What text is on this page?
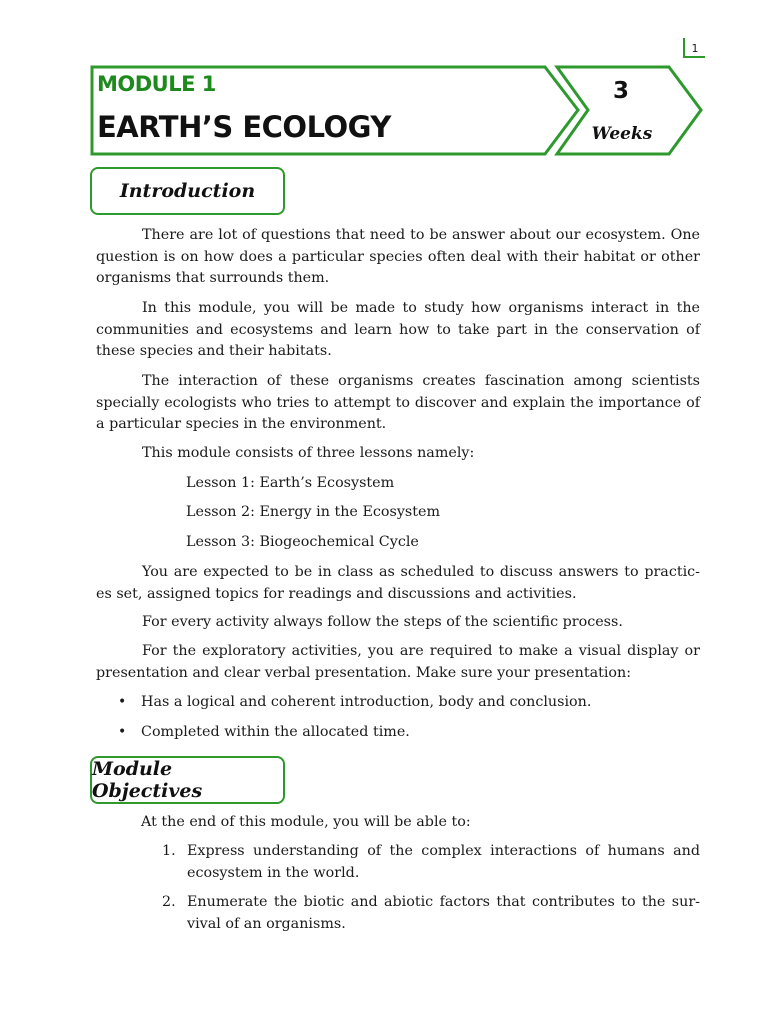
1
MODULE 1
EARTH’S ECOLOGY
3
Weeks
Introduction

There are lot of questions that need to be answer about our ecosystem. One question is on how does a particular species often deal with their habitat or other organisms that surrounds them.

In this module, you will be made to study how organisms interact in the communities and ecosystems and learn how to take part in the conservation of these species and their habitats.

The interaction of these organisms creates fascination among scientists specially ecologists who tries to attempt to discover and explain the importance of a particular species in the environment.

This module consists of three lessons namely:

Lesson 1: Earth’s Ecosystem

Lesson 2: Energy in the Ecosystem

Lesson 3: Biogeochemical Cycle

You are expected to be in class as scheduled to discuss answers to practic-es set, assigned topics for readings and discussions and activities.

For every activity always follow the steps of the scientific process.

For the exploratory activities, you are required to make a visual display or presentation and clear verbal presentation. Make sure your presentation:

• Has a logical and coherent introduction, body and conclusion.

• Completed within the allocated time.

Module Objectives

At the end of this module, you will be able to:

1. Express understanding of the complex interactions of humans and ecosystem in the world.

2. Enumerate the biotic and abiotic factors that contributes to the sur-vival of an organisms.
